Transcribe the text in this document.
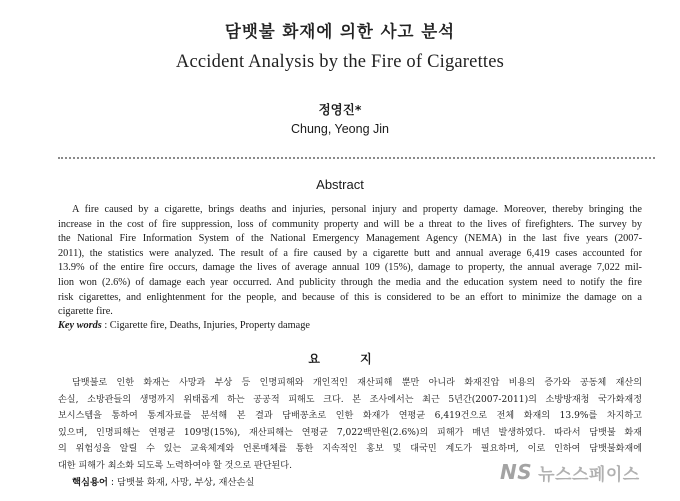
담뱃불 화재에 의한 사고 분석
Accident Analysis by the Fire of Cigarettes
정영진*
Chung, Yeong Jin
Abstract
A fire caused by a cigarette, brings deaths and injuries, personal injury and property damage. Moreover, thereby bringing the
increase in the cost of fire suppression, loss of community property and will be a threat to the lives of firefighters. The survey by
the National Fire Information System of the National Emergency Management Agency (NEMA) in the last five years (2007-
2011), the statistics were analyzed. The result of a fire caused by a cigarette butt and annual average 6,419 cases accounted for
13.9% of the entire fire occurs, damage the lives of average annual 109 (15%), damage to property, the annual average 7,022 mil-
lion won (2.6%) of damage each year occurred. And publicity through the media and the education system need to notify the fire
risk cigarettes, and enlightenment for the people, and because of this is considered to be an effort to minimize the damage on a
cigarette fire.
Key words : Cigarette fire, Deaths, Injuries, Property damage
요 지
담뱃불로 인한 화재는 사망과 부상 등 인명피해와 개인적인 재산피해 뿐만 아니라 화재진압 비용의 증가와 공동체 재산의
손실, 소방관들의 생명까지 위태롭게 하는 공공적 피해도 크다. 본 조사에서는 최근 5년간(2007-2011)의 소방방재청 국가화재정
보시스템을 통하여 통계자료를 분석해 본 결과 담배꽁초로 인한 화재가 연평균 6,419건으로 전체 화재의 13.9%를 차지하고
있으며, 인명피해는 연평균 109명(15%), 재산피해는 연평균 7,022백만원(2.6%)의 피해가 매년 발생하였다. 따라서 담뱃불 화재
의 위험성을 알릴 수 있는 교육체계와 언론매체를 통한 지속적인 홍보 및 대국민 계도가 필요하며, 이로 인하여 담뱃불화재에
대한 피해가 최소화 되도록 노력하여야 할 것으로 판단된다.
핵심용어 : 담뱃불 화재, 사망, 부상, 재산손실	NS 뉴스스페이스
